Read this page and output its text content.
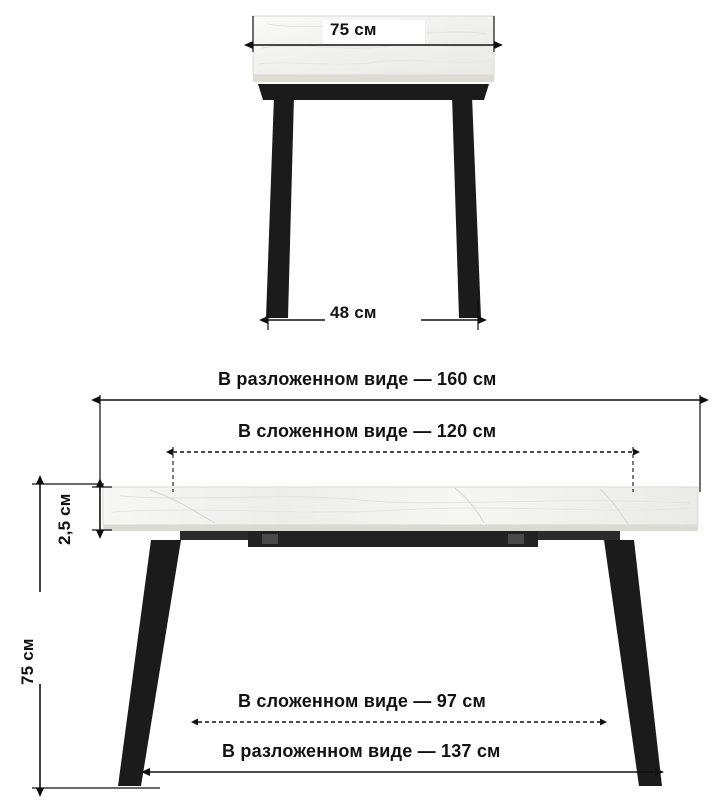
75 см
48 см
В разложенном виде — 160 см
В сложенном виде — 120 см
2,5 см
75 см
В сложенном виде — 97 см
В разложенном виде — 137 см
